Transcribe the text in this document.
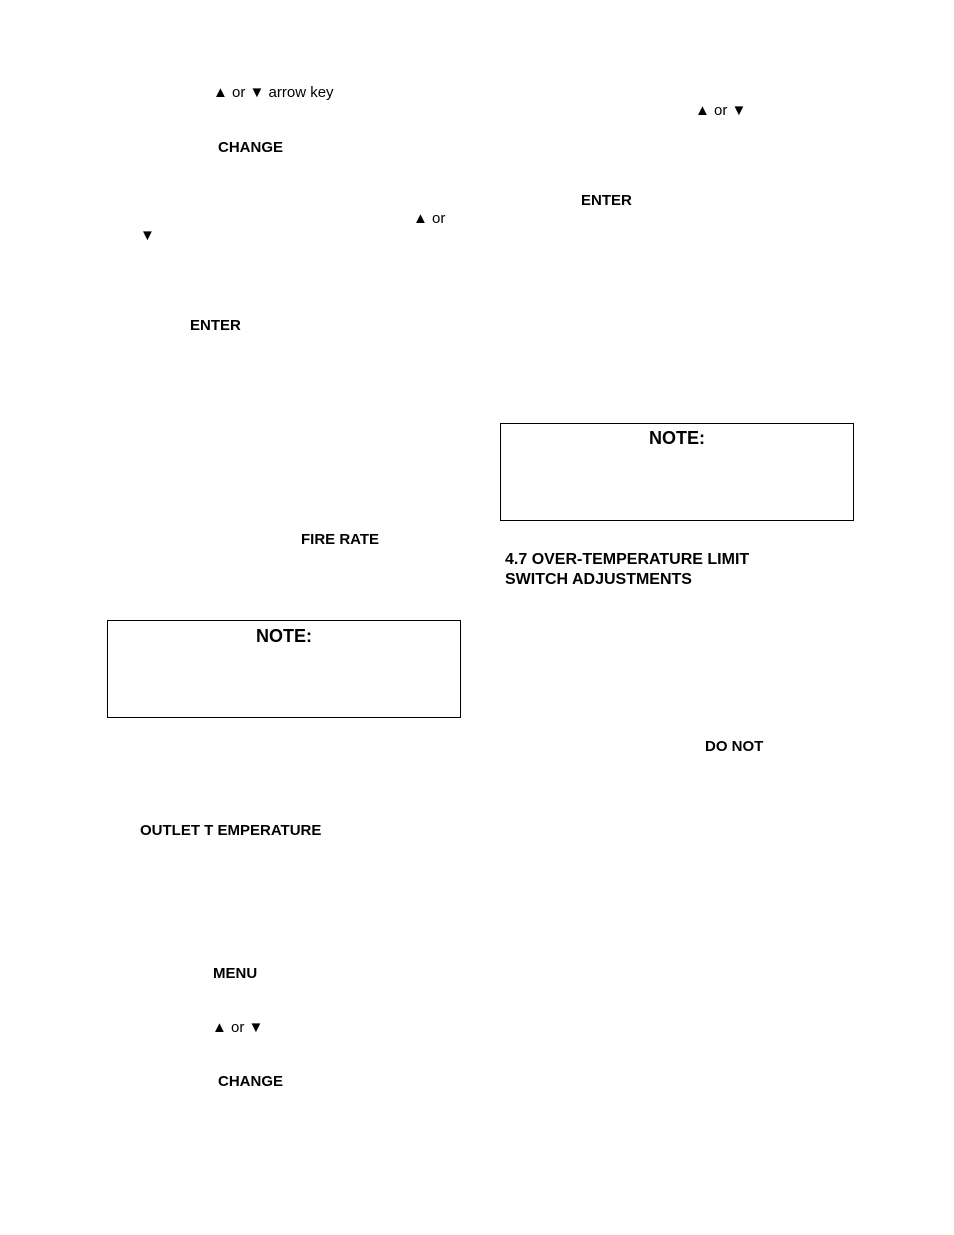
▲ or ▼ arrow key
CHANGE
▲ or
▼
ENTER
FIRE RATE
NOTE:
OUTLET T EMPERATURE
MENU
▲ or ▼
CHANGE
▲ or ▼
ENTER
NOTE:
4.7 OVER-TEMPERATURE LIMIT
SWITCH ADJUSTMENTS
DO NOT
